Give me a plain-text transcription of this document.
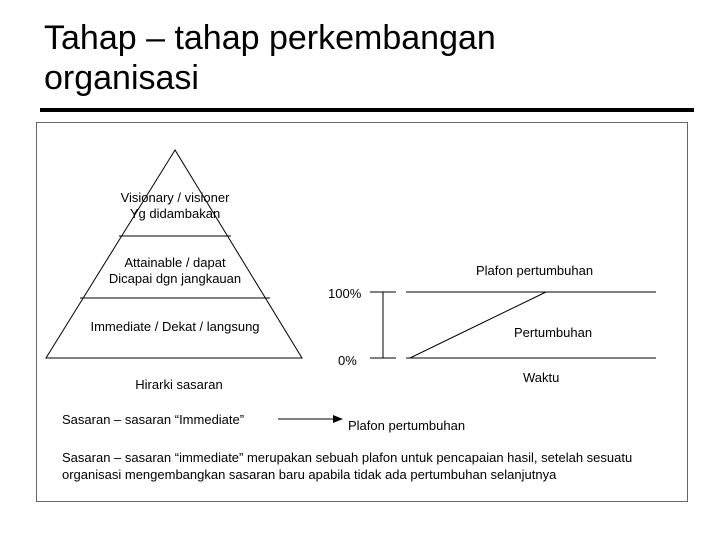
Tahap – tahap perkembangan
organisasi
Visionary / visioner
Yg didambakan
Attainable / dapat
Dicapai dgn jangkauan
Immediate / Dekat / langsung
Hirarki sasaran
100%
0%
Plafon pertumbuhan
Pertumbuhan
Waktu
Sasaran – sasaran “Immediate”	Plafon pertumbuhan
Sasaran – sasaran “immediate” merupakan sebuah plafon untuk pencapaian hasil, setelah sesuatu
organisasi mengembangkan sasaran baru apabila tidak ada pertumbuhan selanjutnya
